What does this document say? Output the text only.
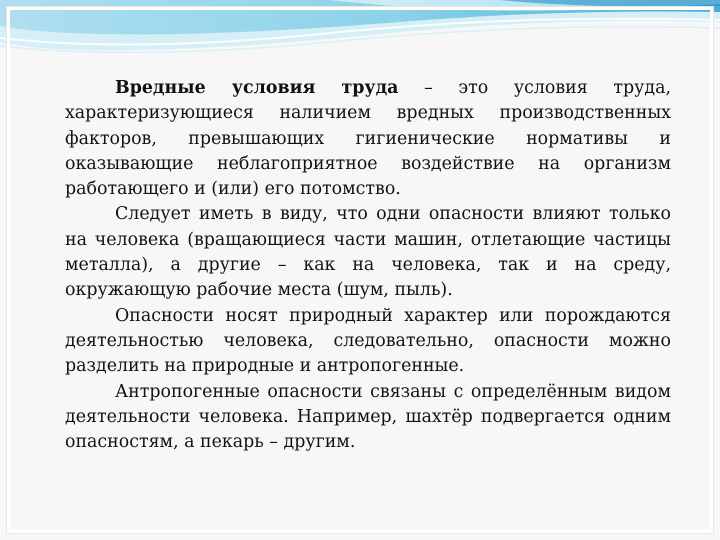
Вредные условия труда – это условия труда, характеризующиеся наличием вредных производственных факторов, превышающих гигиенические нормативы и оказывающие неблагоприятное воздействие на организм работающего и (или) его потомство.

Следует иметь в виду, что одни опасности влияют только на человека (вращающиеся части машин, отлетающие частицы металла), а другие – как на человека, так и на среду, окружающую рабочие места (шум, пыль).

Опасности носят природный характер или порождаются деятельностью человека, следовательно, опасности можно разделить на природные и антропогенные.

Антропогенные опасности связаны с определённым видом деятельности человека. Например, шахтёр подвергается одним опасностям, а пекарь – другим.
